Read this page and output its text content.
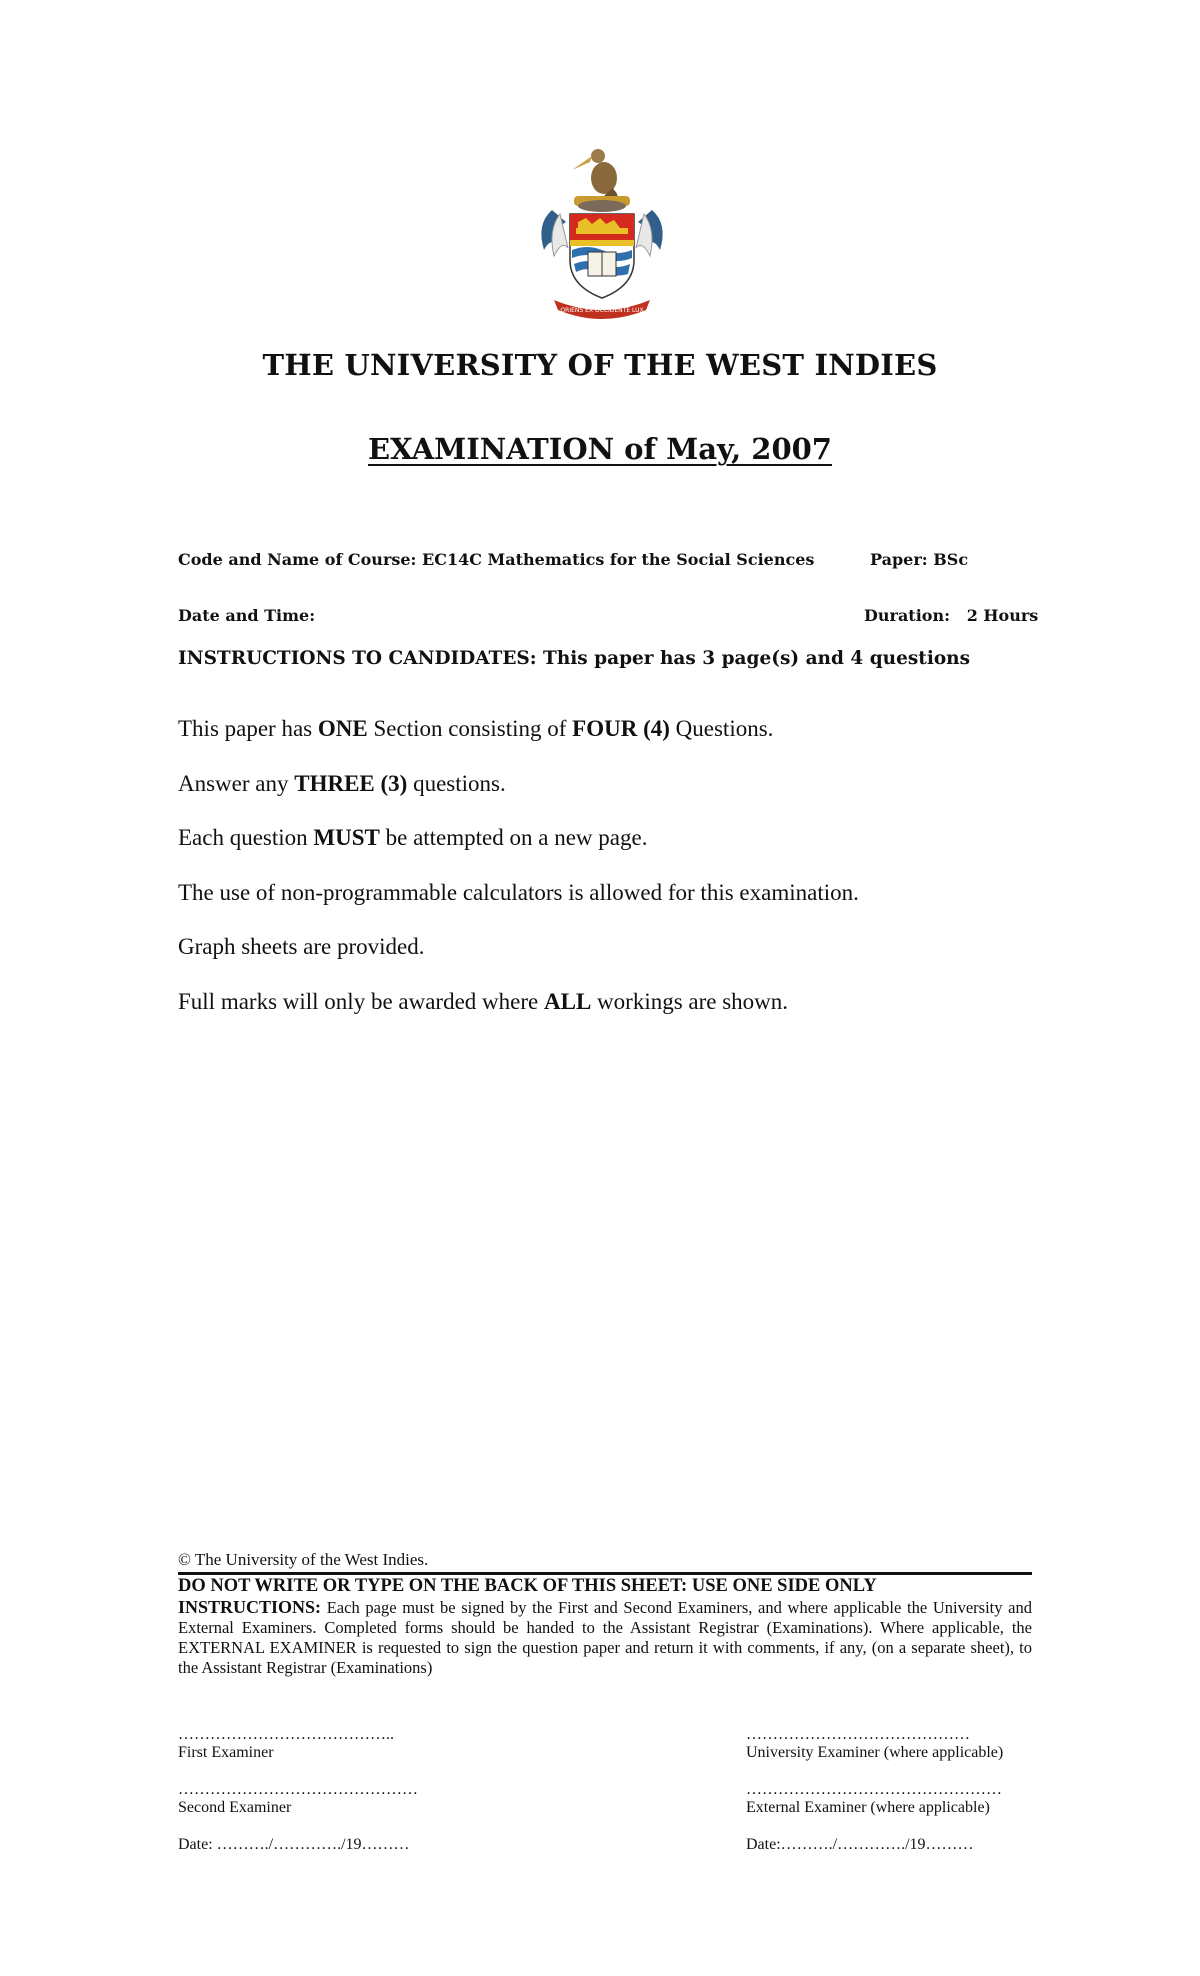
ORIENS EX OCCIDENTE LUX
THE UNIVERSITY OF THE WEST INDIES
EXAMINATION of May, 2007
Code and Name of Course: EC14C Mathematics for the Social Sciences	Paper: BSc
Date and Time:	Duration: 2 Hours
INSTRUCTIONS TO CANDIDATES: This paper has 3 page(s) and 4 questions

This paper has ONE Section consisting of FOUR (4) Questions.

Answer any THREE (3) questions.

Each question MUST be attempted on a new page.

The use of non-programmable calculators is allowed for this examination.

Graph sheets are provided.

Full marks will only be awarded where ALL workings are shown.

© The University of the West Indies.
DO NOT WRITE OR TYPE ON THE BACK OF THIS SHEET: USE ONE SIDE ONLY
INSTRUCTIONS: Each page must be signed by the First and Second Examiners, and where applicable the University and External Examiners. Completed forms should be handed to the Assistant Registrar (Examinations). Where applicable, the EXTERNAL EXAMINER is requested to sign the question paper and return it with comments, if any, (on a separate sheet), to the Assistant Registrar (Examinations)
…………………………………..
First Examiner
……………………………………
University Examiner (where applicable)
………………………………………
Second Examiner
…………………………………………
External Examiner (where applicable)
Date: ………./…………./19………	Date:………./…………./19………
